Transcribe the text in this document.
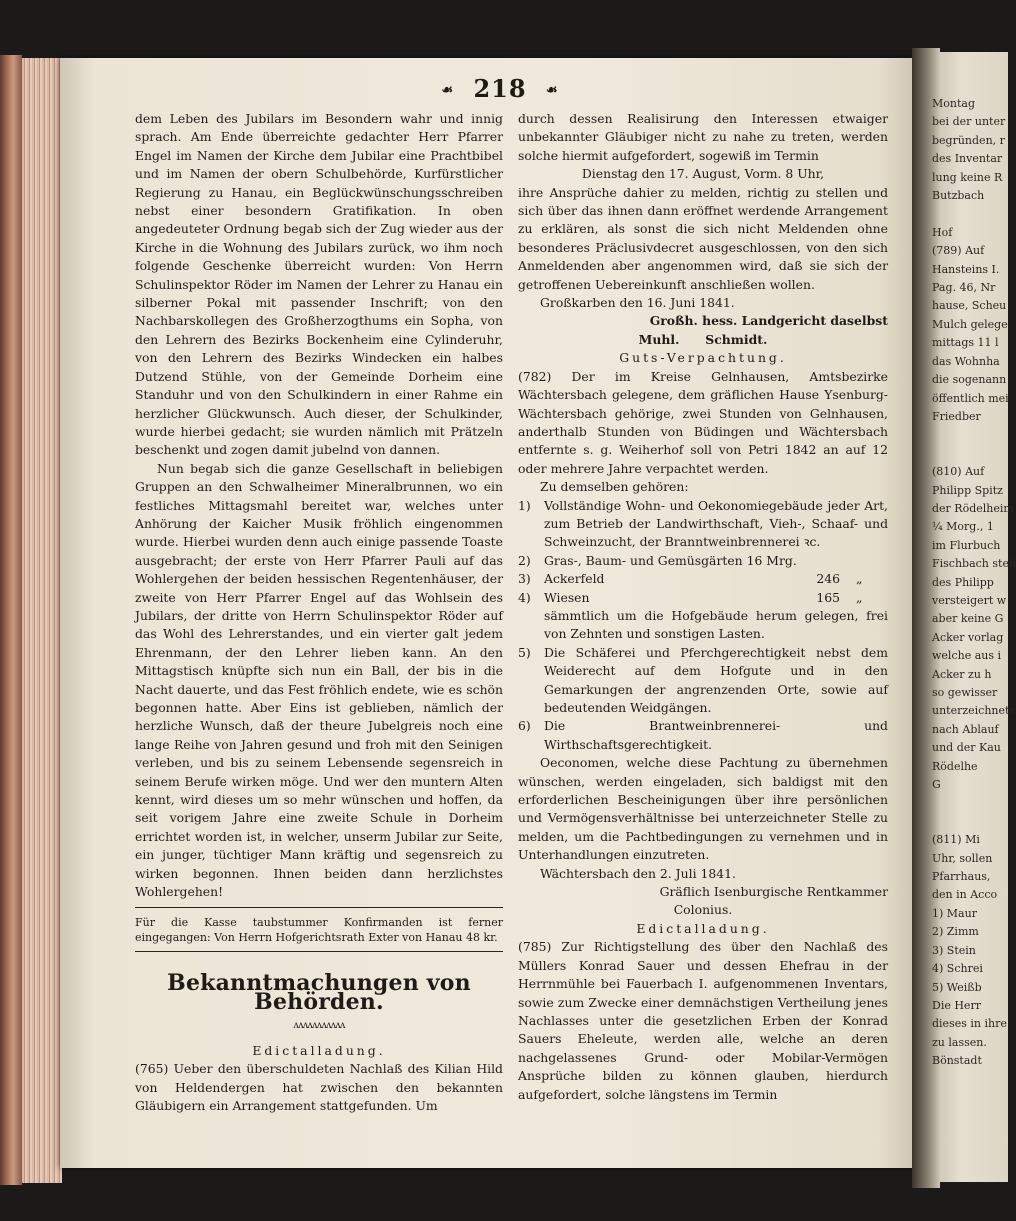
☙ 218 ☙

dem Leben des Jubilars im Besondern wahr und innig sprach. Am Ende überreichte gedachter Herr Pfarrer Engel im Namen der Kirche dem Jubilar eine Prachtbibel und im Namen der obern Schulbehörde, Kurfürstlicher Regierung zu Hanau, ein Beglückwünschungsschreiben nebst einer besondern Gratifikation. In oben angedeuteter Ordnung begab sich der Zug wieder aus der Kirche in die Wohnung des Jubilars zurück, wo ihm noch folgende Geschenke überreicht wurden: Von Herrn Schulinspektor Röder im Namen der Lehrer zu Hanau ein silberner Pokal mit passender Inschrift; von den Nachbarskollegen des Großherzogthums ein Sopha, von den Lehrern des Bezirks Bockenheim eine Cylinderuhr, von den Lehrern des Bezirks Windecken ein halbes Dutzend Stühle, von der Gemeinde Dorheim eine Standuhr und von den Schulkindern in einer Rahme ein herzlicher Glückwunsch. Auch dieser, der Schulkinder, wurde hierbei gedacht; sie wurden nämlich mit Prätzeln beschenkt und zogen damit jubelnd von dannen.

Nun begab sich die ganze Gesellschaft in beliebigen Gruppen an den Schwalheimer Mineralbrunnen, wo ein festliches Mittagsmahl bereitet war, welches unter Anhörung der Kaicher Musik fröhlich eingenommen wurde. Hierbei wurden denn auch einige passende Toaste ausgebracht; der erste von Herr Pfarrer Pauli auf das Wohlergehen der beiden hessischen Regentenhäuser, der zweite von Herr Pfarrer Engel auf das Wohlsein des Jubilars, der dritte von Herrn Schulinspektor Röder auf das Wohl des Lehrerstandes, und ein vierter galt jedem Ehrenmann, der den Lehrer lieben kann. An den Mittagstisch knüpfte sich nun ein Ball, der bis in die Nacht dauerte, und das Fest fröhlich endete, wie es schön begonnen hatte. Aber Eins ist geblieben, nämlich der herzliche Wunsch, daß der theure Jubelgreis noch eine lange Reihe von Jahren gesund und froh mit den Seinigen verleben, und bis zu seinem Lebensende segensreich in seinem Berufe wirken möge. Und wer den muntern Alten kennt, wird dieses um so mehr wünschen und hoffen, da seit vorigem Jahre eine zweite Schule in Dorheim errichtet worden ist, in welcher, unserm Jubilar zur Seite, ein junger, tüchtiger Mann kräftig und segensreich zu wirken begonnen. Ihnen beiden dann herzlichstes Wohlergehen!

Für die Kasse taubstummer Konfirmanden ist ferner eingegangen: Von Herrn Hofgerichtsrath Exter von Hanau 48 kr.

Bekanntmachungen von Behörden.
ᴧᴧᴧᴧᴧᴧᴧᴧᴧᴧᴧ
Edictalladung.

(765) Ueber den überschuldeten Nachlaß des Kilian Hild von Heldendergen hat zwischen den bekannten Gläubigern ein Arrangement stattgefunden. Um

durch dessen Realisirung den Interessen etwaiger unbekannter Gläubiger nicht zu nahe zu treten, werden solche hiermit aufgefordert, sogewiß im Termin

Dienstag den 17. August, Vorm. 8 Uhr,

ihre Ansprüche dahier zu melden, richtig zu stellen und sich über das ihnen dann eröffnet werdende Arrangement zu erklären, als sonst die sich nicht Meldenden ohne besonderes Präclusivdecret ausgeschlossen, von den sich Anmeldenden aber angenommen wird, daß sie sich der getroffenen Uebereinkunft anschließen wollen.

Großkarben den 16. Juni 1841.

Großh. hess. Landgericht daselbst

Muhl.      Schmidt.

Guts-Verpachtung.

(782) Der im Kreise Gelnhausen, Amtsbezirke Wächtersbach gelegene, dem gräflichen Hause Ysenburg-Wächtersbach gehörige, zwei Stunden von Gelnhausen, anderthalb Stunden von Büdingen und Wächtersbach entfernte s. g. Weiherhof soll von Petri 1842 an auf 12 oder mehrere Jahre verpachtet werden.

Zu demselben gehören:

1)	Vollständige Wohn- und Oekonomiegebäude jeder Art, zum Betrieb der Landwirthschaft, Vieh-, Schaaf- und Schweinzucht, der Branntweinbrennerei ꝛc.
2)	Gras-, Baum- und Gemüsgärten 16 Mrg.
3)	Ackerfeld	246 „
4)	Wiesen	165 „
sämmtlich um die Hofgebäude herum gelegen, frei von Zehnten und sonstigen Lasten.
5)	Die Schäferei und Pferchgerechtigkeit nebst dem Weiderecht auf dem Hofgute und in den Gemarkungen der angrenzenden Orte, sowie auf bedeutenden Weidgängen.
6)	Die Brantweinbrennerei- und Wirthschaftsgerechtigkeit.

Oeconomen, welche diese Pachtung zu übernehmen wünschen, werden eingeladen, sich baldigst mit den erforderlichen Bescheinigungen über ihre persönlichen und Vermögensverhältnisse bei unterzeichneter Stelle zu melden, um die Pachtbedingungen zu vernehmen und in Unterhandlungen einzutreten.

Wächtersbach den 2. Juli 1841.

Gräflich Isenburgische Rentkammer

Colonius.

Edictalladung.

(785) Zur Richtigstellung des über den Nachlaß des Müllers Konrad Sauer und dessen Ehefrau in der Herrnmühle bei Fauerbach I. aufgenommenen Inventars, sowie zum Zwecke einer demnächstigen Vertheilung jenes Nachlasses unter die gesetzlichen Erben der Konrad Sauers Eheleute, werden alle, welche an deren nachgelassenes Grund- oder Mobilar-Vermögen Ansprüche bilden zu können glauben, hierdurch aufgefordert, solche längstens im Termin

Montag
bei der unter
begründen, r
des Inventar
lung keine R
Butzbach

Hof
(789) Auf
Hansteins I.
Pag. 46, Nr
hause, Scheu
Mulch gelege
mittags 11 l
das Wohnha
die sogenann
öffentlich mei
Friedber

(810) Auf
Philipp Spitz
der Rödelheim
¼ Morg., 1
im Flurbuch
Fischbach steh
des Philipp
versteigert w
aber keine G
Acker vorlag
welche aus i
Acker zu h
so gewisser
unterzeichnete
nach Ablauf
und der Kau
Rödelhe
G

(811) Mi
Uhr, sollen
Pfarrhaus,
den in Acco
1) Maur
2) Zimm
3) Stein
4) Schrei
5) Weißb
Die Herr
dieses in ihre
zu lassen.
Bönstadt
